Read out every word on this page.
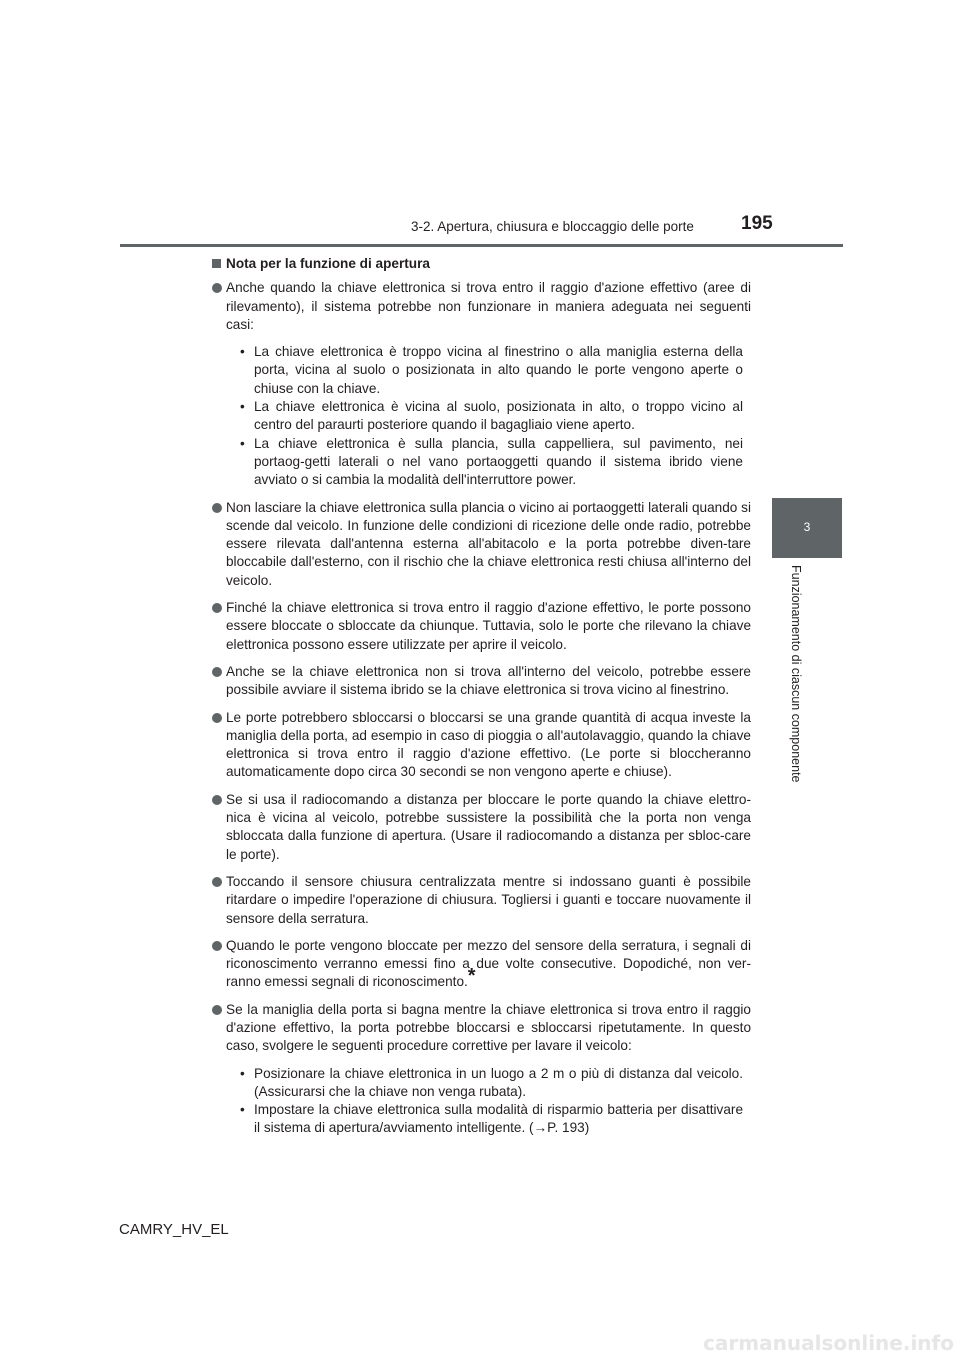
3-2. Apertura, chiusura e bloccaggio delle porte 195
3
Funzionamento di ciascun componente
Nota per la funzione di apertura
Anche quando la chiave elettronica si trova entro il raggio d'azione effettivo (aree di rilevamento), il sistema potrebbe non funzionare in maniera adeguata nei seguenti casi:
• La chiave elettronica è troppo vicina al finestrino o alla maniglia esterna della porta, vicina al suolo o posizionata in alto quando le porte vengono aperte o chiuse con la chiave.
• La chiave elettronica è vicina al suolo, posizionata in alto, o troppo vicino al centro del paraurti posteriore quando il bagagliaio viene aperto.
• La chiave elettronica è sulla plancia, sulla cappelliera, sul pavimento, nei portaog-getti laterali o nel vano portaoggetti quando il sistema ibrido viene avviato o si cambia la modalità dell'interruttore power.
Non lasciare la chiave elettronica sulla plancia o vicino ai portaoggetti laterali quando si scende dal veicolo. In funzione delle condizioni di ricezione delle onde radio, potrebbe essere rilevata dall'antenna esterna all'abitacolo e la porta potrebbe diven-tare bloccabile dall'esterno, con il rischio che la chiave elettronica resti chiusa all'interno del veicolo.
Finché la chiave elettronica si trova entro il raggio d'azione effettivo, le porte possono essere bloccate o sbloccate da chiunque. Tuttavia, solo le porte che rilevano la chiave elettronica possono essere utilizzate per aprire il veicolo.
Anche se la chiave elettronica non si trova all'interno del veicolo, potrebbe essere possibile avviare il sistema ibrido se la chiave elettronica si trova vicino al finestrino.
Le porte potrebbero sbloccarsi o bloccarsi se una grande quantità di acqua investe la maniglia della porta, ad esempio in caso di pioggia o all'autolavaggio, quando la chiave elettronica si trova entro il raggio d'azione effettivo. (Le porte si bloccheranno automaticamente dopo circa 30 secondi se non vengono aperte e chiuse).
Se si usa il radiocomando a distanza per bloccare le porte quando la chiave elettro-nica è vicina al veicolo, potrebbe sussistere la possibilità che la porta non venga sbloccata dalla funzione di apertura. (Usare il radiocomando a distanza per sbloc-care le porte).
Toccando il sensore chiusura centralizzata mentre si indossano guanti è possibile ritardare o impedire l'operazione di chiusura. Togliersi i guanti e toccare nuovamente il sensore della serratura.
Quando le porte vengono bloccate per mezzo del sensore della serratura, i segnali di riconoscimento verranno emessi fino a due volte consecutive. Dopodiché, non ver-ranno emessi segnali di riconoscimento.*
Se la maniglia della porta si bagna mentre la chiave elettronica si trova entro il raggio d'azione effettivo, la porta potrebbe bloccarsi e sbloccarsi ripetutamente. In questo caso, svolgere le seguenti procedure correttive per lavare il veicolo:
• Posizionare la chiave elettronica in un luogo a 2 m o più di distanza dal veicolo. (Assicurarsi che la chiave non venga rubata).
• Impostare la chiave elettronica sulla modalità di risparmio batteria per disattivare il sistema di apertura/avviamento intelligente. (→P. 193)
CAMRY_HV_EL
carmanualsonline.info
